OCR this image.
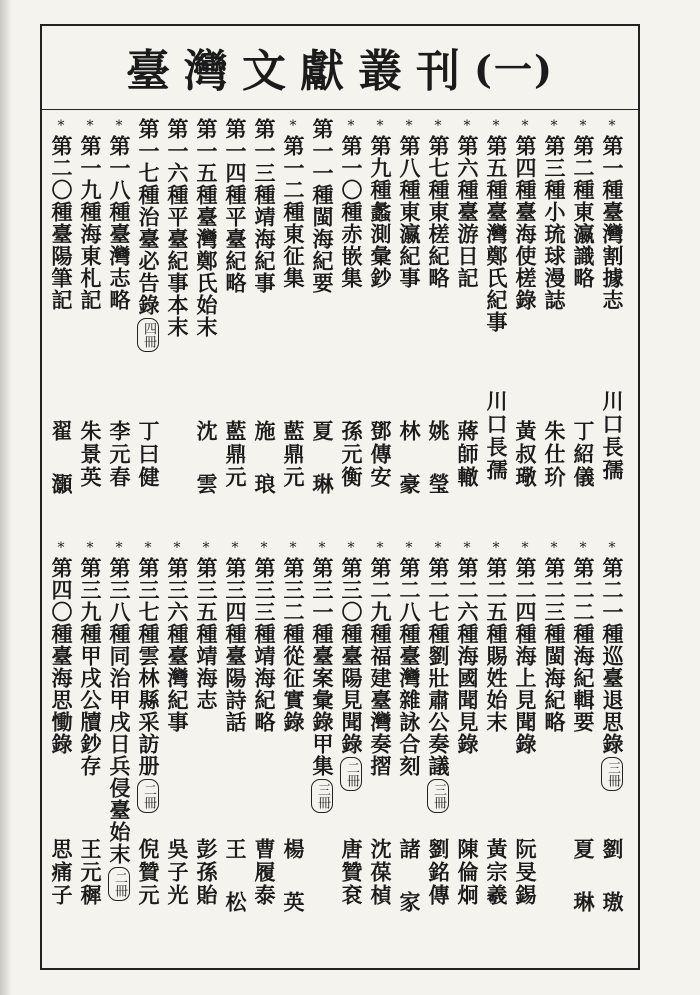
臺灣文獻叢刊 (一)
*第一種臺灣割據志
川口長孺
*第二種東瀛識略
丁紹儀
*第三種小琉球漫誌
朱仕玠
*第四種臺海使槎錄
黃叔璥
*第五種臺灣鄭氏紀事
川口長孺
*第六種臺游日記
蔣師轍
*第七種東槎紀略
姚瑩
*第八種東瀛紀事
林豪
*第九種蠡測彙鈔
鄧傳安
*第一〇種赤嵌集
孫元衡
第一一種閩海紀要
夏琳
*第一二種東征集
藍鼎元
第一三種靖海紀事
施琅
第一四種平臺紀略
藍鼎元
第一五種臺灣鄭氏始末
沈雲
第一六種平臺紀事本末
第一七種治臺必告錄
四冊
丁曰健
*第一八種臺灣志略
李元春
*第一九種海東札記
朱景英
*第二〇種臺陽筆記
翟灝
*第二一種巡臺退思錄
三冊
劉璈
*第二二種海紀輯要
夏琳
*第二三種閩海紀略
*第二四種海上見聞錄
阮旻錫
*第二五種賜姓始末
黃宗羲
*第二六種海國聞見錄
陳倫炯
*第二七種劉壯肅公奏議
三冊
劉銘傳
*第二八種臺灣雜詠合刻
諸家
*第二九種福建臺灣奏摺
沈葆楨
*第三〇種臺陽見聞錄
二冊
唐贊袞
*第三一種臺案彙錄甲集
三冊
*第三二種從征實錄
楊英
*第三三種靖海紀略
曹履泰
*第三四種臺陽詩話
王松
*第三五種靖海志
彭孫貽
*第三六種臺灣紀事
吳子光
*第三七種雲林縣采訪册
二冊
倪贊元
*第三八種同治甲戌日兵侵臺始末
二冊
*第三九種甲戌公牘鈔存
王元穉
*第四〇種臺海思慟錄
思痛子
